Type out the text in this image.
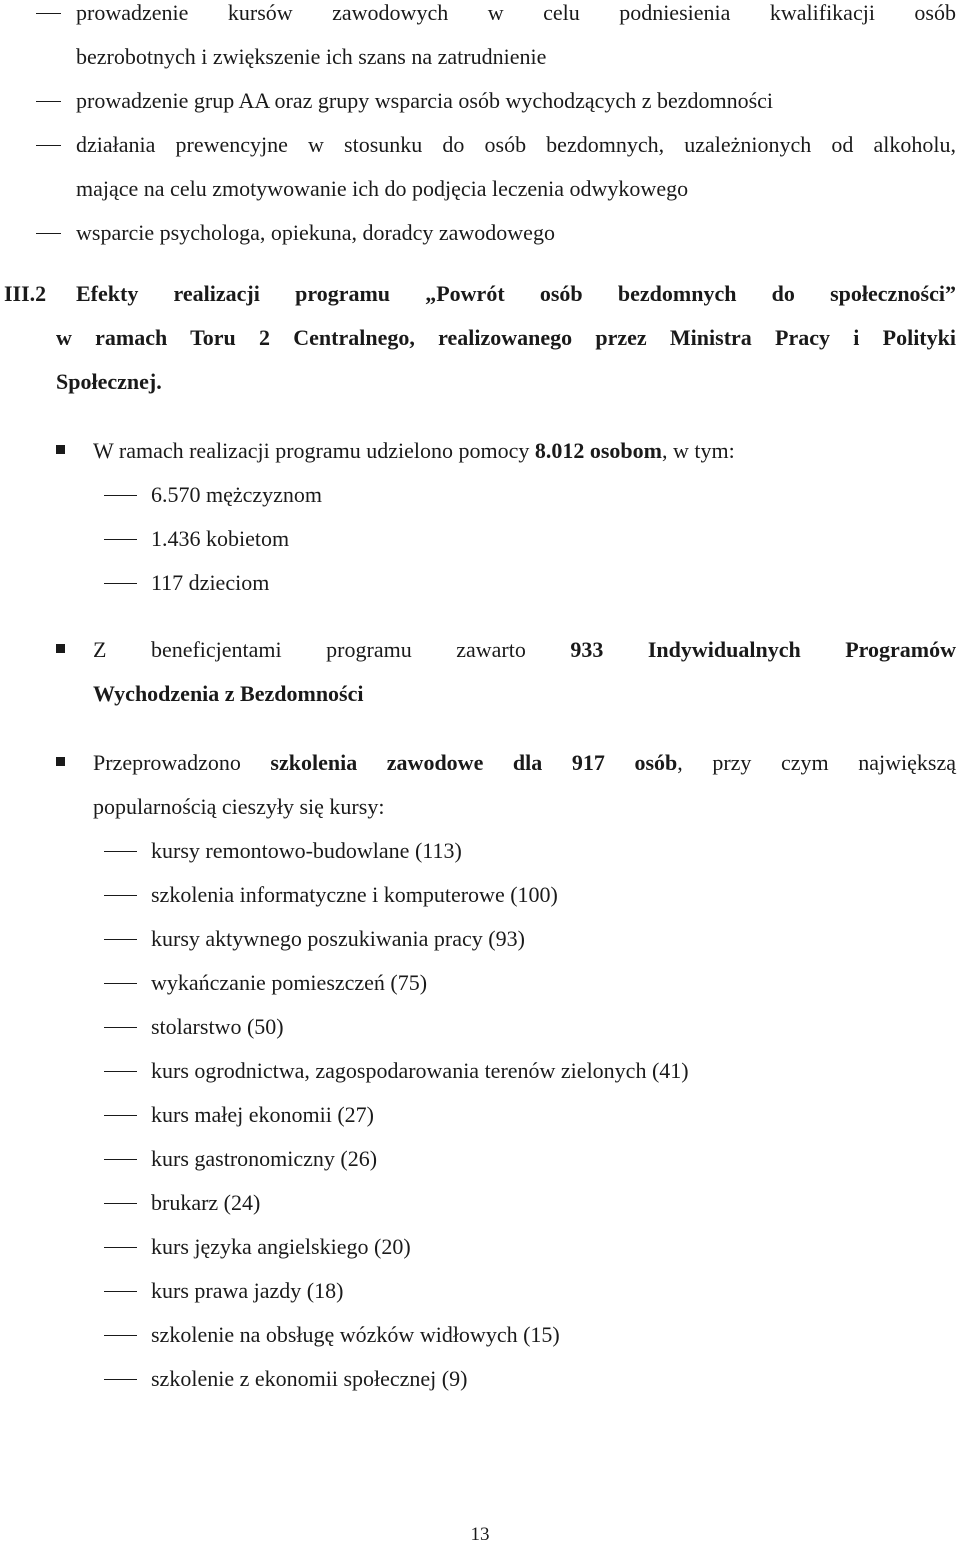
prowadzenie kursów zawodowych w celu podniesienia kwalifikacji osób
bezrobotnych i zwiększenie ich szans na zatrudnienie
prowadzenie grup AA oraz grupy wsparcia osób wychodzących z bezdomności
działania prewencyjne w stosunku do osób bezdomnych, uzależnionych od alkoholu,
mające na celu zmotywowanie ich do podjęcia leczenia odwykowego
wsparcie psychologa, opiekuna, doradcy zawodowego
III.2	Efekty realizacji programu „Powrót osób bezdomnych do społeczności”
w ramach Toru 2 Centralnego, realizowanego przez Ministra Pracy i Polityki
Społecznej.
W ramach realizacji programu udzielono pomocy 8.012 osobom, w tym:
6.570 mężczyznom
1.436 kobietom
117 dzieciom
Z beneficjentami programu zawarto 933 Indywidualnych Programów
Wychodzenia z Bezdomności
Przeprowadzono szkolenia zawodowe dla 917 osób, przy czym największą
popularnością cieszyły się kursy:
kursy remontowo-budowlane (113)
szkolenia informatyczne i komputerowe (100)
kursy aktywnego poszukiwania pracy (93)
wykańczanie pomieszczeń (75)
stolarstwo (50)
kurs ogrodnictwa, zagospodarowania terenów zielonych (41)
kurs małej ekonomii (27)
kurs gastronomiczny (26)
brukarz (24)
kurs języka angielskiego (20)
kurs prawa jazdy (18)
szkolenie na obsługę wózków widłowych (15)
szkolenie z ekonomii społecznej (9)
13
